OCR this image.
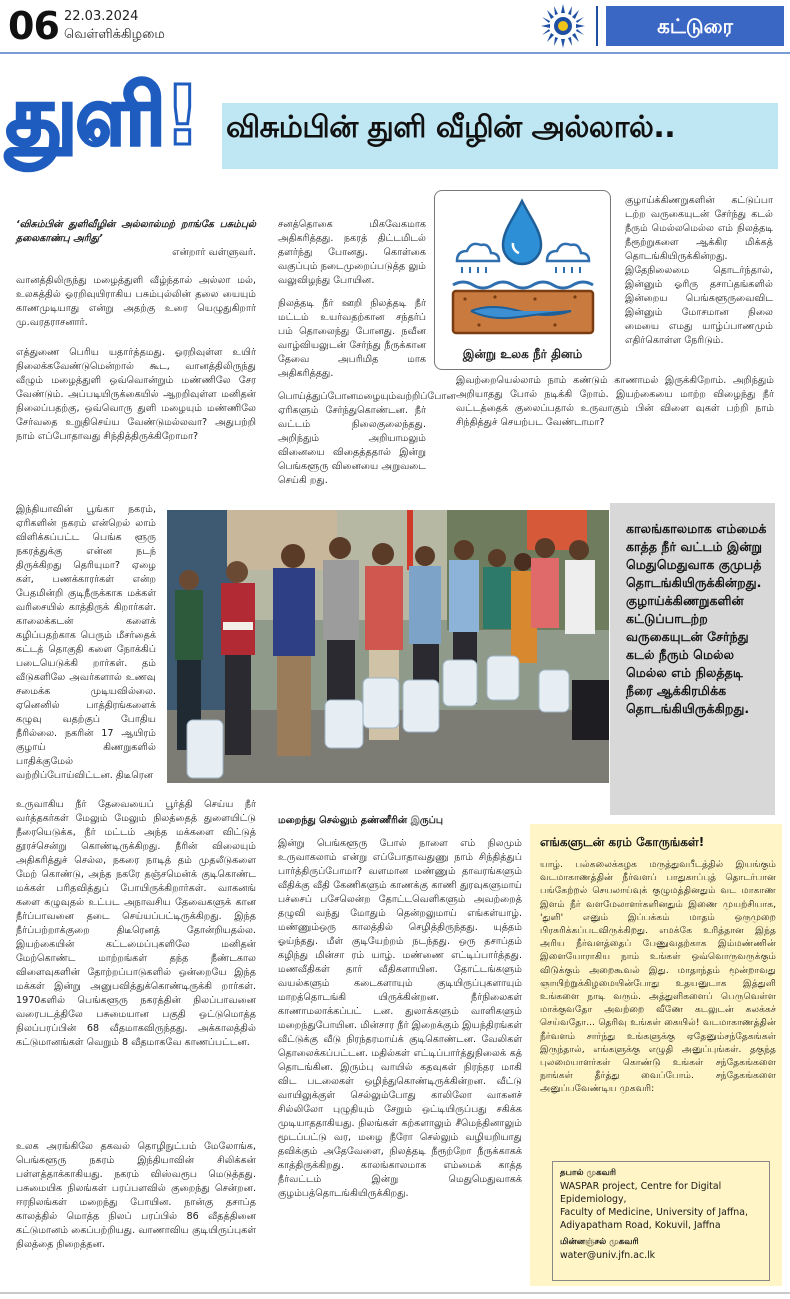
06 22.03.2024
வெள்ளிக்கிழமை	கட்டுரை
துளி! விசும்பின் துளி வீழின் அல்லால்..

‘விசும்பின் துளிவீழின் அல்லால்மற் றாங்கே பசும்புல் தலைகாண்பு அரிது’

என்றார் வள்ளுவர்.

வானத்திலிருந்து மழைத்துளி வீழ்ந்தால் அல்லா மல், உலகத்தில் ஓரறிவுயிராகிய பசும்புல்லின் தலை யையும் காணமுடியாது என்று அதற்கு உரை யெழுதுகிறார் மு.வரதராசனார்.

எத்துணை பெரிய யதார்த்தமது. ஓரறிவுள்ள உயிர் நிலைக்கவேண்டுமென்றால் கூட, வானத்திலிருந்து வீழும் மழைத்துளி ஒவ்வொன்றும் மண்ணிலே சேர வேண்டும். அப்படியிருக்கையில் ஆறறிவுள்ள மனிதன் நிலைப்பதற்கு, ஒவ்வொரு துளி மழையும் மண்ணிலே சேர்வதை உறுதிசெய்ய வேண்டுமல்லவா? அதுபற்றி நாம் எப்போதாவது சிந்தித்திருக்கிறோமா?

சனத்தொகை மிகவேகமாக அதிகரித்தது. நகரத் திட்டமிடல் தளர்ந்து போனது. கொள்கை வகுப்பும் நடைமுறைப்படுத்த லும் வலுவிழந்து போயின.

நிலத்தடி நீர் ஊறி நிலத்தடி நீர் மட்டம் உயர்வதற்கான சந்தர்ப் பம் தொலைந்து போனது. நவீன வாழ்வியலுடன் சேர்ந்து நீருக்கான தேவை அபரிமித மாக அதிகரித்தது.

பொய்த்துப்போனமழையும்வற்றிப்போன ஏரிகளும் சேர்ந்துகொண்டன. நீர் வட்டம் நிலைகுலைந்தது. அறிந்தும் அறியாமலும் வினையை விதைத்ததால் இன்று பெங்களூரு வினையை அறுவடை செய்கி றது.

இன்று உலக நீர் தினம்

குழாய்க்கிணறுகளின் கட்டுப்பா டற்ற வருகையுடன் சேர்ந்து கடல் நீரும் மெல்லமெல்ல எம் நிலத்தடி நீரூற்றுகளை ஆக்கிர மிக்கத் தொடங்கியிருக்கின்றது. இதேநிலைமை தொடர்ந்தால், இன்னும் ஓரிரு தசாப்தங்களில் இன்றைய பெங்களூருவைவிட இன்னும் மோசமான நிலை மையை எமது யாழ்ப்பாணமும் எதிர்கொள்ள நேரிடும்.

இவற்றையெல்லாம் நாம் கண்டும் காணாமல் இருக்கிறோம். அறிந்தும் அறியாதது போல் நடிக்கி றோம். இயற்கையை மாற்ற விழைந்து நீர் வட்டத்தைக் குலைப்பதால் உருவாகும் பின் விளை வுகள் பற்றி நாம் சிந்தித்துச் செயற்பட வேண்டாமா?

இந்தியாவின் பூங்கா நகரம், ஏரிகளின் நகரம் என்றெல் லாம் விளிக்கப்பட்ட பெங்க ளூரு நகரத்துக்கு என்ன நடந் திருக்கிறது தெரியுமா? ஏழை கள், பணக்காரர்கள் என்ற பேதமின்றி குடிநீருக்காக மக்கள் வரிசையில் காத்திருக் கிறார்கள். காலைக்கடன் களைக் கழிப்பதற்காக பெரும் மீசர்தைக் கட்டத் தொகுதி களை நோக்கிப் படையெடுக்கி றார்கள். தம் வீடுகளிலே அவர்களால் உணவு சமைக்க முடியவில்லை. ஏனெனில் பாத்திரங்களைக் கழுவு வதற்குப் போதிய நீரில்லை. நகரின் 17 ஆயிரம் குழாய் கிணறுகளில் பாதிக்குமேல் வற்றிப்போய்விட்டன. திடீரென

காலங்காலமாக எம்மைக் காத்த நீர் வட்டம் இன்று மெதுமெதுவாக குமுபத் தொடங்கியிருக்கின்றது. குழாய்க்கிணறுகளின் கட்டுப்பாடற்ற வருகையுடன் சேர்ந்து கடல் நீரும் மெல்ல மெல்ல எம் நிலத்தடி நீரை ஆக்கிரமிக்க தொடங்கியிருக்கிறது.

உலக அரங்கிலே தகவல் தொழிநுட்பம் மேலோங்க, பெங்களூரு நகரம் இந்தியாவின் சிலிக்கன் பள்ளத்தாக்காகியது. நகரம் விஸ்வரூப மெடுத்தது. பசுமையிக நிலங்கள் பரப்பளவில் குறைந்து சென்றன. ஈரநிலங்கள் மறைந்து போயின. நான்கு தசாப்த காலத்தில் மொத்த நிலப் பரப்பில் 86 வீதத்தினை கட்டுமானம் கைப்பற்றியது. வாணாவிய குடியிருப்புகள் நிலத்தை நிறைத்தன.

உருவாகிய நீர் தேவையைப் பூர்த்தி செய்ய நீர் வர்த்தகர்கள் மேலும் மேலும் நிலத்தைத் துளையிட்டு நீரையெடுக்க, நீர் மட்டம் அந்த மக்களை விட்டுத் தூரச்சென்று கொண்டிருக்கிறது. நீரின் விலையும் அதிகரித்துச் செல்ல, நகரை நாடித் தம் முதலீடுகளை மேற் கொண்டு, அந்த நகரே தஞ்சமென்க் குடிகொண்ட மக்கள் பரிதவித்துப் போயிருக்கிறார்கள். வாகனங் களை கழுவுதல் உட்பட அநாவசிய தேவைகளுக் கான நீர்ப்பாவனை தடை செய்யப்பட்டிருக்கிறது. இந்த நீர்ப்பற்றாக்குறை திடீரெனத் தோன்றியதல்ல. இயற்கையின் கட்டமைப்புகளிலே மனிதன் மேற்கொண்ட மாற்றங்கள் தந்த நீண்டகால விளைவுகளின் தோற்றப்பாடுகளில் ஒன்றையே இந்த மக்கள் இன்று அனுபவித்துக்கொண்டிருக்கி றார்கள். 1970களில் பெங்களூரு நகரத்தின் நிலப்பாவனை வரைபடத்திலே பசுமையான பகுதி ஒட்டுமொத்த நிலப்பரப்பின் 68 வீதமாகவிருந்தது. அக்காலத்தில் கட்டுமானங்கள் வெறும் 8 வீதமாகவே காணப்பட்டன.

மறைந்து செல்லும் தண்ணீரின் இருப்பு

இன்று பெங்களூரு போல் நாளை எம் நிலமும் உருவாகலாம் என்று எப்போதாவதுணு நாம் சிந்தித்துப் பார்த்திருப்போமா? வளமான மண்ணும் தாவரங்களும் வீதிக்கு வீதி கேணிகளும் காணக்கு காணி துரவுகளுமாய் பச்சைப் பசேலென்ற தோட்டவெளிகளும் அவற்றைத் தழுவி வந்து மோதும் தென்றலுமாய் எங்கள்யாழ். மண்ணும்ஒரு காலத்தில் செழித்திருந்தது. யுத்தம் ஓய்ந்தது. மீள் குடியேற்றம் நடந்தது. ஒரு தசாப்தம் கழிந்து மின்சா ரம் யாழ். மண்ணை எட்டிப்பார்த்தது. மணவீதிகள் தார் வீதிகளாயின. தோட்டங்களும் வயல்களும் கடைகளாயும் குடியிருப்புகளாயும் மாறத்தொடங்கி யிருக்கின்றன. நீர்நிலைகள் காணாமலாக்கப்பட் டன. துலாக்களும் வாளிகளும் மறைந்துபோயின. மின்சார நீர் இறைக்கும் இயந்திரங்கள் வீட்டுக்கு வீடு நிரந்தரமாய்க் குடிகொண்டன. வேலிகள் தொலைக்கப்பட்டன. மதில்கள் எட்டிப்பார்த்துநிலைக் கத் தொடங்கின. இரும்பு வாயில் கதவுகள் நிரந்தர மாகி விட படலைகள் ஒழிந்துகொண்டிருக்கின்றன. வீட்டு வாயிலுக்குள் செல்லும்போது காலிலோ வாகனச் சில்லிலோ புழுதியும் சேறும் ஒட்டியிருப்பது சகிக்க முடியாததாகியது. நிலங்கள் கற்களாலும் சீமெந்தினாலும் மூடப்பட்டு வர, மழை நீரோ செல்லும் வழியறியாது தவிக்கும் அதேவேளை, நிலத்தடி நீரூற்றோ நீருக்காகக் காத்திருக்கிறது. காலங்காலமாக எம்மைக் காத்த நீர்வட்டம் இன்று மெதுமெதுவாகக் குழம்பத்தொடங்கியிருக்கிறது.

எங்களுடன் கரம் கோருங்கள்!
யாழ். பல்கலைக்கழக மருத்துவபீடத்தில் இயங்கும் வடமாகாணத்தின் நீர்வளப் பாதுகாப்புத் தொடர்பான பங்கேற்றல் செயலாய்வுக் குழுமத்தினதும் வட மாகாண இளம் நீர் வளமேலாளர்களினதும் இணை முயற்சியாக, 'துளி' எனும் இப்பக்கம் மாதம் ஒருமுறை பிரசுரிக்கப்படவிருக்கிறது. எமக்கே உரித்தான இந்த அரிய நீர்வளத்தைப் பேணுவதற்காக இம்மண்ணின் இளையோராகிய நாம் உங்கள் ஒவ்வொருவருக்கும் விடுக்கும் அறைகூவல் இது. மாதாந்தம் மூன்றாவது ஞாயிற்றுக்கிழமையின்போது உதயனுடாக இத்துளி உங்களை நாடி வரும். அத்துளிகளைப் பெருவெள்ள மாக்குவதோ அவற்றை வீணே கடலுடன் கலக்கச் செய்வதோ... தெரிவு உங்கள் கையில்! வடமாகாணத்தின் நீர்வளம் சார்ந்து உங்களுக்கு ஏதேனும்சந்தேகங்கள் இருந்தால், எங்களுக்கு எழுதி அனுப்புங்கள். தகுந்த புலமையாளர்கள் கொண்டு உங்கள் சந்தேகங்களை நாங்கள் தீர்த்து வைப்போம். சந்தேகங்களை அனுப்பவேண்டிய முகவரி:
தபால் முகவரி
WASPAR project, Centre for Digital Epidemiology,
Faculty of Medicine, University of Jaffna,
Adiyapatham Road, Kokuvil, Jaffna
மின்னஞ்சல் முகவரி
water@univ.jfn.ac.lk
